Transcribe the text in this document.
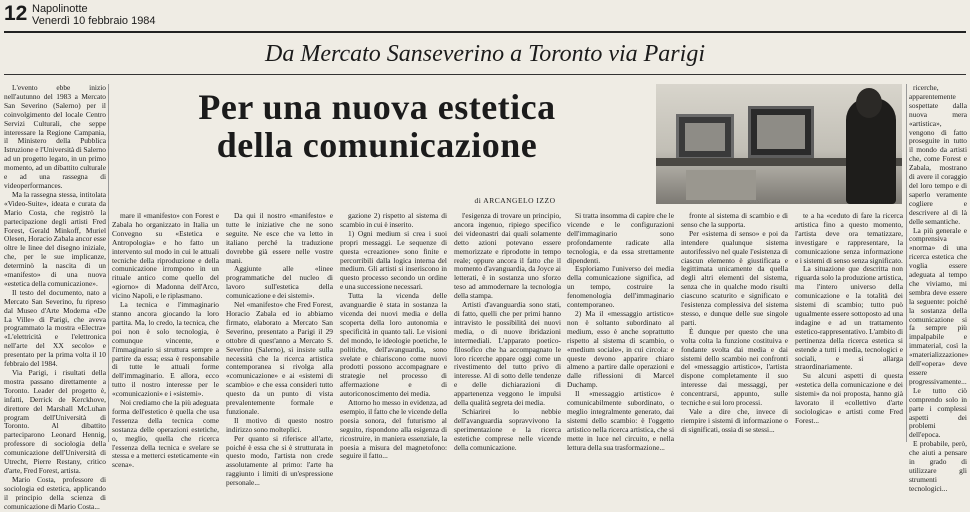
12 Napolinotte
Venerdì 10 febbraio 1984
Da Mercato Sanseverino a Toronto via Parigi

L'evento ebbe inizio nell'autunno del 1983 a Mercato San Severino (Salerno) per il coinvolgimento del locale Centro Servizi Culturali, che seppe interessare la Regione Campania, il Ministero della Pubblica Istruzione e l'Università di Salerno ad un progetto legato, in un primo momento, ad un dibattito culturale e ad una rassegna di videoperformances.

Ma la rassegna stessa, intitolata «Video-Suite», ideata e curata da Mario Costa, che registrò la partecipazione degli artisti Fred Forest, Gerald Minkoff, Muriel Olesen, Horacio Zabala ancor esse oltre le linee del disegno iniziale, che, per le sue implicanze, determinò la nascita di un «manifesto» di una nuova «estetica della comunicazione».

Il testo del documento, nato a Mercato San Severino, fu ripreso dal Museo d'Arte Moderna «De La Ville» di Parigi, che aveva programmato la mostra «Electra» «L'elettricità e l'elettronica nell'arte del XX secolo» e presentato per la prima volta il 10 febbraio del 1984.

Via Parigi, i risultati della mostra passano direttamente a Toronto. Leader del progetto è, infatti, Derrick de Kerckhove, direttore del Marshall McLuhan program dell'Università di Toronto. Al dibattito parteciparono Leonard Hennig, professore di sociologia della comunicazione dell'Università di Utrecht, Pierre Restany, critico d'arte, Fred Forest, artista.

Mario Costa, professore di sociologia ed estetica, applicando il principio della scienza di comunicazione di Mario Costa...

Per una nuova estetica
della comunicazione
di ARCANGELO IZZO

mare il «manifesto» con Forest e Zabala ho organizzato in Italia un Convegno su «Estetica e Antropologia» e ho fatto un intervento sul modo in cui le attuali tecniche della riproduzione e della comunicazione irrompono in un rituale antico come quello del «giorno» di Madonna dell'Arco, vicino Napoli, e le riplasmano.

La tecnica e l'immaginario stanno ancora giocando la loro partita. Ma, lo credo, la tecnica, che poi non è solo tecnologia, è comunque vincente, e l'immaginario si struttura sempre a partire da essa; essa è responsabile di tutte le attuali forme dell'immaginario. E allora, ecco tutto il nostro interesse per le «comunicazioni» e i «sistemi».

Noi crediamo che la più adeguata forma dell'estetico è quella che usa l'essenza della tecnica come sostanza delle operazioni estetiche, o, meglio, quella che ricerca l'essenza della tecnica e svelare se stessa e a metterci esteticamente «in scena».

Da qui il nostro «manifesto» e tutte le iniziative che ne sono seguite. Ne esce che va letto in italiano perché la traduzione dovrebbe già essere nelle vostre mani.

Aggiunte alle «linee programmatiche del nucleo di lavoro sull'estetica della comunicazione e dei sistemi».

Nel «manifesto» che Fred Forest, Horacio Zabala ed io abbiamo firmato, elaborato a Mercato San Severino, presentato a Parigi il 29 ottobre di quest'anno a Mercato S. Severino (Salerno), si insiste sulla necessità che la ricerca artistica contemporanea si rivolga alla «comunicazione» e ai «sistemi di scambio» e che essa consideri tutto questo da un punto di vista prevalentemente formale e funzionale.

Il motivo di questo nostro indirizzo sono molteplici.

Per quanto si riferisce all'arte, poiché è essa che si è strutturata in questo modo, l'artista non crede assolutamente al primo: l'arte ha raggiunto i limiti di un'espressione personale...

gazione 2) rispetto al sistema di scambio in cui è inserito.

1) Ogni medium si crea i suoi propri messaggi. Le sequenze di questa «creazione» sono finite e percorribili dalla logica interna del medium. Gli artisti si inseriscono in questo processo secondo un ordine e una successione necessari.

Tutta la vicenda delle avanguardie è stata in sostanza la vicenda dei nuovi media e della scoperta della loro autonomia e specificità in quanto tali. Le visioni del mondo, le ideologie poetiche, le politiche, dell'avanguardia, sono svelate e chiariscono come nuovi prodotti possono accompagnare e strategie nel processo di affermazione e di autoriconoscimento dei media.

Attorno ho messo in evidenza, ad esempio, il fatto che le vicende della poesia sonora, del futurismo al seguito, rispondono alla esigenza di ricostruire, in maniera essenziale, la poesia a misura del magnetofono: seguire il fatto...

l'esigenza di trovare un principio, ancora ingenuo, ripiego specifico dei videonastri dai quali solamente detto azioni potevano essere memorizzate e riprodotte in tempo reale; oppure ancora il fatto che il momento d'avanguardia, da Joyce ai letterati, è in sostanza uno sforzo teso ad ammodernare la tecnologia della stampa.

Artisti d'avanguardia sono stati, di fatto, quelli che per primi hanno intravisto le possibilità dei nuovi media, o di nuove ibridazioni intermediali. L'apparato poetico-filosofico che ha accompagnato le loro ricerche appare oggi come un rivestimento del tutto privo di interesse. Al di sotto delle tendenze e delle dichiarazioni di appartenenza veggono le impulsi della qualità segreta dei media.

Schiarirei lo nebbie dell'avanguardia sopravvivono la sperimentazione e la ricerca estetiche comprese nelle vicende della comunicazione.

Si tratta insomma di capire che le vicende e le configurazioni dell'immaginario sono profondamente radicate alla tecnologia, e da essa strettamente dipendenti.

Esploriamo l'universo dei media della comunicazione significa, ad un tempo, costruire la fenomenologia dell'immaginario contemporaneo.

2) Ma il «messaggio artistico» non è soltanto subordinato al medium, esso è anche soprattutto rispetto al sistema di scambio, o «medium sociale», in cui circola: e queste devono apparire chiaro almeno a partire dalle operazioni e dalle riflessioni di Marcel Duchamp.

Il «messaggio artistico» è comunicabilmente subordinato, o meglio integralmente generato, dai sistemi dello scambio: è l'oggetto artistico nella ricerca artistica, che si mette in luce nel circuito, e nella lettura della sua trasformazione...

fronte al sistema di scambio e di senso che la supporta.

Per «sistema di senso» e poi da intendere qualunque sistema autorifessivo nel quale l'esistenza di ciascun elemento è giustificata e legittimata unicamente da quella degli altri elementi del sistema, senza che in qualche modo risulti ciascuno scaturito e significato e l'esistenza complessiva del sistema stesso, e dunque delle sue singole parti.

È dunque per questo che una volta colta la funzione costituiva e fondante svolta dai media e dai sistemi dello scambio nei confronti del «messaggio artistico», l'artista dispone completamente il suo interesse dai messaggi, per concentrarsi, appunto, sulle tecniche e sui loro processi.

Vale a dire che, invece di riempire i sistemi di informazione o di significati, ossia di se stessi...

te a ha «ceduto di fare la ricerca artistica fino a questo momento, l'artista deve ora tematizzare, investigare e rappresentare, la comunicazione senza informazione e i sistemi di senso senza significato.

La situazione que descritta non riguarda solo la produzione artistica, ma l'intero universo della comunicazione e la totalità dei sistemi di scambio; tutto può ugualmente essere sottoposto ad una indagine e ad un trattamento estetico-rappresentativo. L'ambito di pertinenza della ricerca estetica si estende a tutti i media, tecnologici e sociali, e si allarga straordinariamente.

Su alcuni aspetti di questa «estetica della comunicazione e dei sistemi» da noi proposta, hanno già lavorato il «collettivo d'arte sociologica» e artisti come Fred Forest...

ricerche, apparentemente sospettate dalla nuova mera «artistica», vengono di fatto proseguite in tutto il mondo da artisti che, come Forest e Zabala, mostrano di avere il coraggio del loro tempo e di saperlo veramente cogliere e descrivere al di là delle semantiche.

La più generale e comprensiva «norma» di una ricerca estetica che voglia essere adeguata al tempo che viviamo, mi sembra deve essere la seguente: poiché la sostanza della comunicazione si fa sempre più impalpabile e immaterial, così la «materializzazione» dell'«opera» deve essere progressivamente...

Le tutto ciò comprendo solo in parte i complessi aspetti dei problemi dell'epoca.

E probabile, però, che aiuti a pensare in grado di utilizzare gli strumenti tecnologici...
